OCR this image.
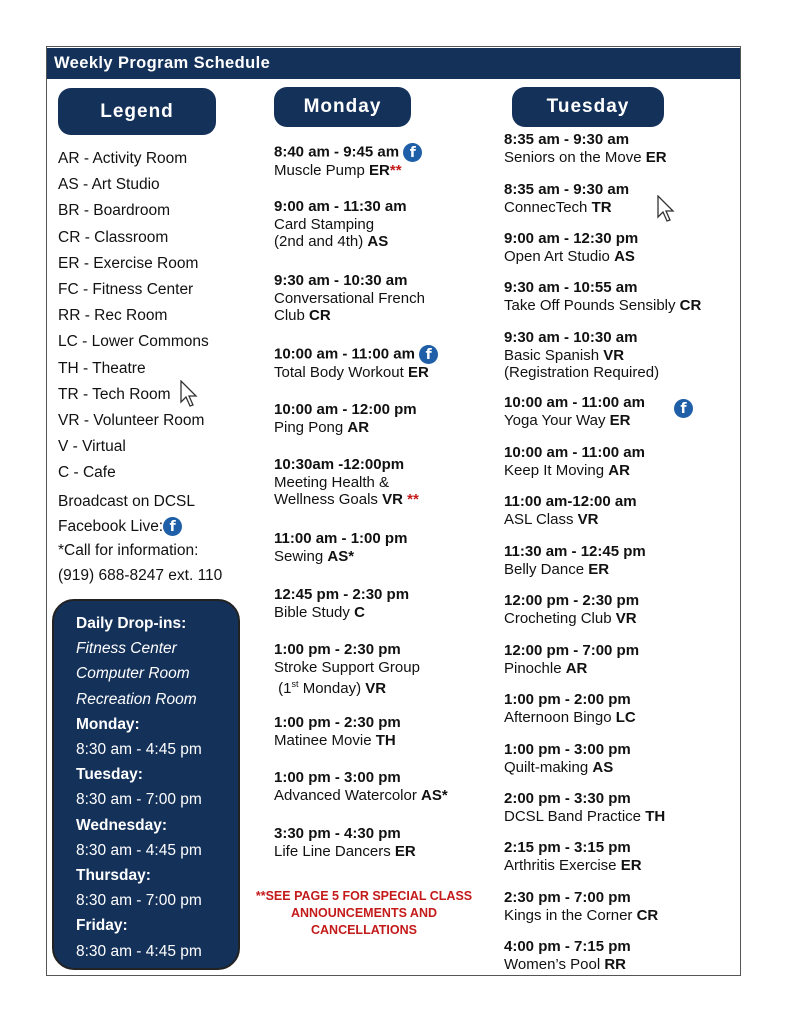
Weekly Program Schedule
Legend
AR - Activity Room
AS - Art Studio
BR - Boardroom
CR - Classroom
ER - Exercise Room
FC - Fitness Center
RR - Rec Room
LC - Lower Commons
TH - Theatre
TR - Tech Room
VR - Volunteer Room
V - Virtual
C - Cafe
Broadcast on DCSL
Facebook Live: f
*Call for information:
(919) 688-8247 ext. 110
Daily Drop-ins:
Fitness Center
Computer Room
Recreation Room
Monday:
8:30 am - 4:45 pm
Tuesday:
8:30 am - 7:00 pm
Wednesday:
8:30 am - 4:45 pm
Thursday:
8:30 am - 7:00 pm
Friday:
8:30 am - 4:45 pm
Monday
8:40 am - 9:45 am f
Muscle Pump ER**
9:00 am - 11:30 am
Card Stamping
(2nd and 4th) AS
9:30 am - 10:30 am
Conversational French
Club CR
10:00 am - 11:00 am f
Total Body Workout ER
10:00 am - 12:00 pm
Ping Pong AR
10:30am -12:00pm
Meeting Health &
Wellness Goals VR **
11:00 am - 1:00 pm
Sewing AS*
12:45 pm - 2:30 pm
Bible Study C
1:00 pm - 2:30 pm
Stroke Support Group
(1st Monday) VR
1:00 pm - 2:30 pm
Matinee Movie TH
1:00 pm - 3:00 pm
Advanced Watercolor AS*
3:30 pm - 4:30 pm
Life Line Dancers ER
**SEE PAGE 5 FOR SPECIAL CLASS ANNOUNCEMENTS AND CANCELLATIONS
Tuesday
8:35 am - 9:30 am
Seniors on the Move ER
8:35 am - 9:30 am
ConnecTech TR
9:00 am - 12:30 pm
Open Art Studio AS
9:30 am - 10:55 am
Take Off Pounds Sensibly CR
9:30 am - 10:30 am
Basic Spanish VR
(Registration Required)
10:00 am - 11:00 am
Yoga Your Way ER
f
10:00 am - 11:00 am
Keep It Moving AR
11:00 am-12:00 am
ASL Class VR
11:30 am - 12:45 pm
Belly Dance ER
12:00 pm - 2:30 pm
Crocheting Club VR
12:00 pm - 7:00 pm
Pinochle AR
1:00 pm - 2:00 pm
Afternoon Bingo LC
1:00 pm - 3:00 pm
Quilt-making AS
2:00 pm - 3:30 pm
DCSL Band Practice TH
2:15 pm - 3:15 pm
Arthritis Exercise ER
2:30 pm - 7:00 pm
Kings in the Corner CR
4:00 pm - 7:15 pm
Women’s Pool RR
